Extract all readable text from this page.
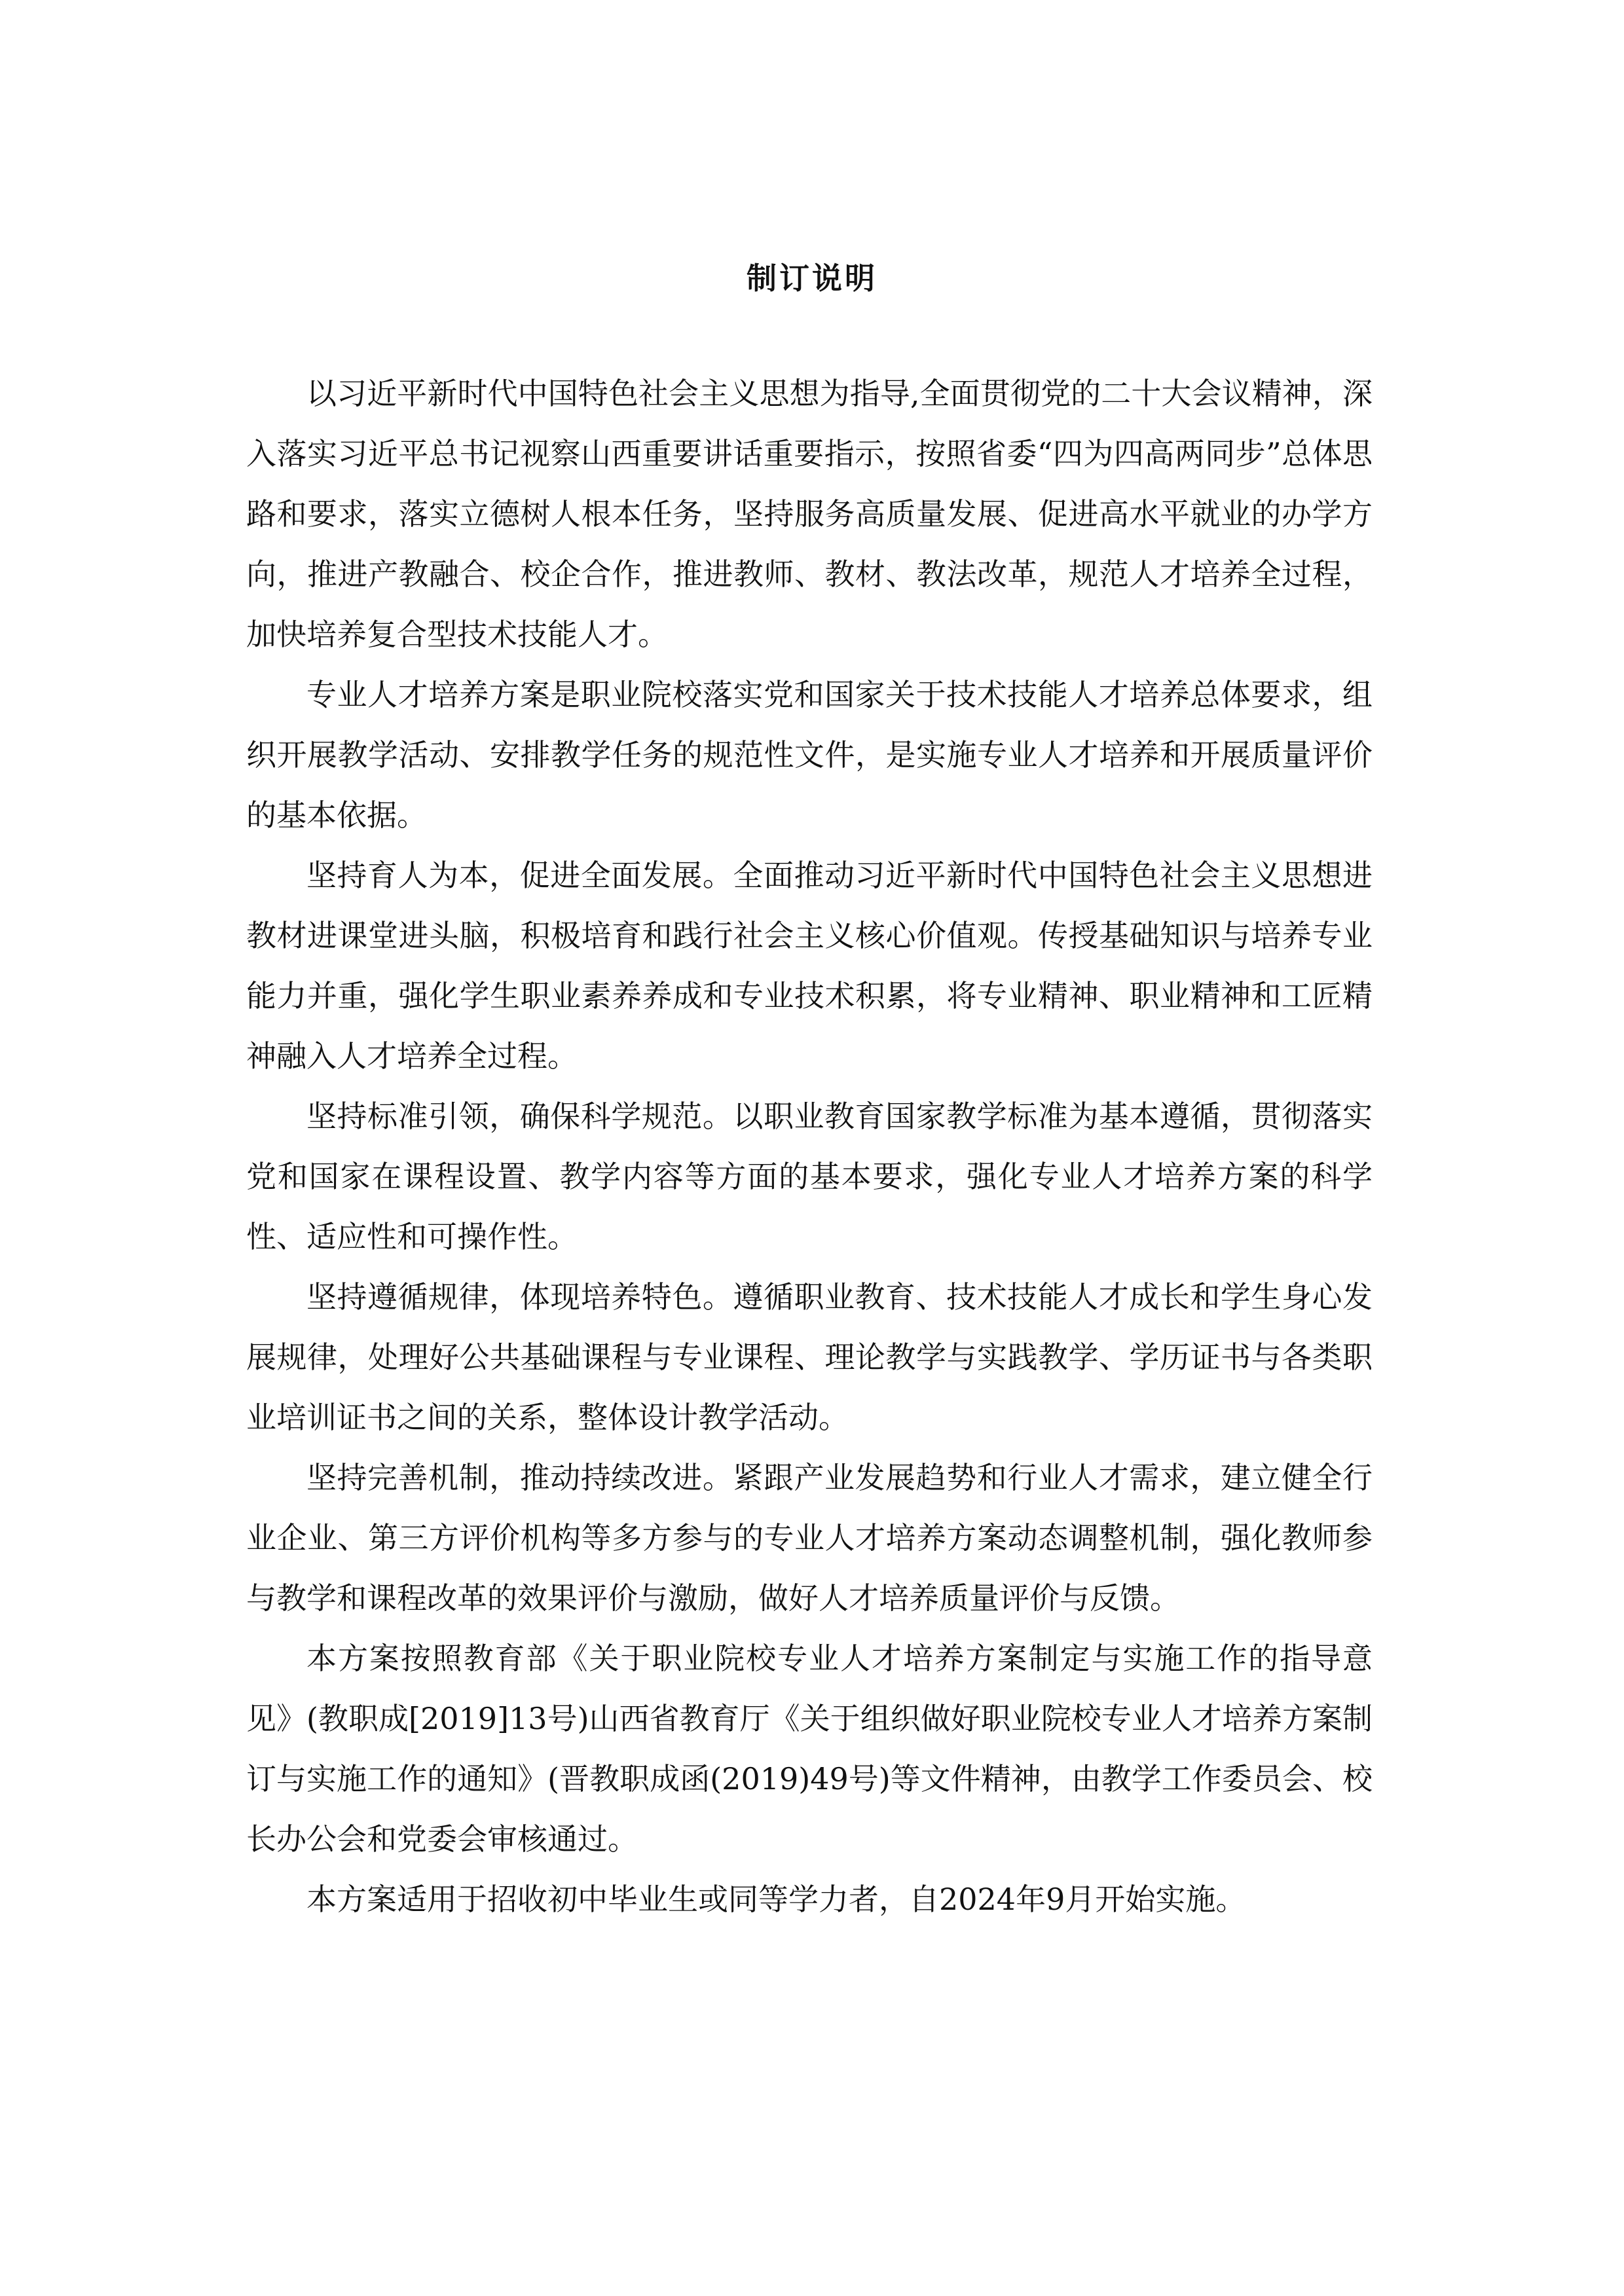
制订说明

以习近平新时代中国特色社会主义思想为指导,全面贯彻党的二十大会议精神，深入落实习近平总书记视察山西重要讲话重要指示，按照省委“四为四高两同步”总体思路和要求，落实立德树人根本任务，坚持服务高质量发展、促进高水平就业的办学方向，推进产教融合、校企合作，推进教师、教材、教法改革，规范人才培养全过程，加快培养复合型技术技能人才。

专业人才培养方案是职业院校落实党和国家关于技术技能人才培养总体要求，组织开展教学活动、安排教学任务的规范性文件，是实施专业人才培养和开展质量评价的基本依据。

坚持育人为本，促进全面发展。全面推动习近平新时代中国特色社会主义思想进教材进课堂进头脑，积极培育和践行社会主义核心价值观。传授基础知识与培养专业能力并重，强化学生职业素养养成和专业技术积累，将专业精神、职业精神和工匠精神融入人才培养全过程。

坚持标准引领，确保科学规范。以职业教育国家教学标准为基本遵循，贯彻落实党和国家在课程设置、教学内容等方面的基本要求，强化专业人才培养方案的科学性、适应性和可操作性。

坚持遵循规律，体现培养特色。遵循职业教育、技术技能人才成长和学生身心发展规律，处理好公共基础课程与专业课程、理论教学与实践教学、学历证书与各类职业培训证书之间的关系，整体设计教学活动。

坚持完善机制，推动持续改进。紧跟产业发展趋势和行业人才需求，建立健全行业企业、第三方评价机构等多方参与的专业人才培养方案动态调整机制，强化教师参与教学和课程改革的效果评价与激励，做好人才培养质量评价与反馈。

本方案按照教育部《关于职业院校专业人才培养方案制定与实施工作的指导意见》(教职成[2019]13号)山西省教育厅《关于组织做好职业院校专业人才培养方案制订与实施工作的通知》(晋教职成函(2019)49号)等文件精神，由教学工作委员会、校长办公会和党委会审核通过。

本方案适用于招收初中毕业生或同等学力者，自2024年9月开始实施。
